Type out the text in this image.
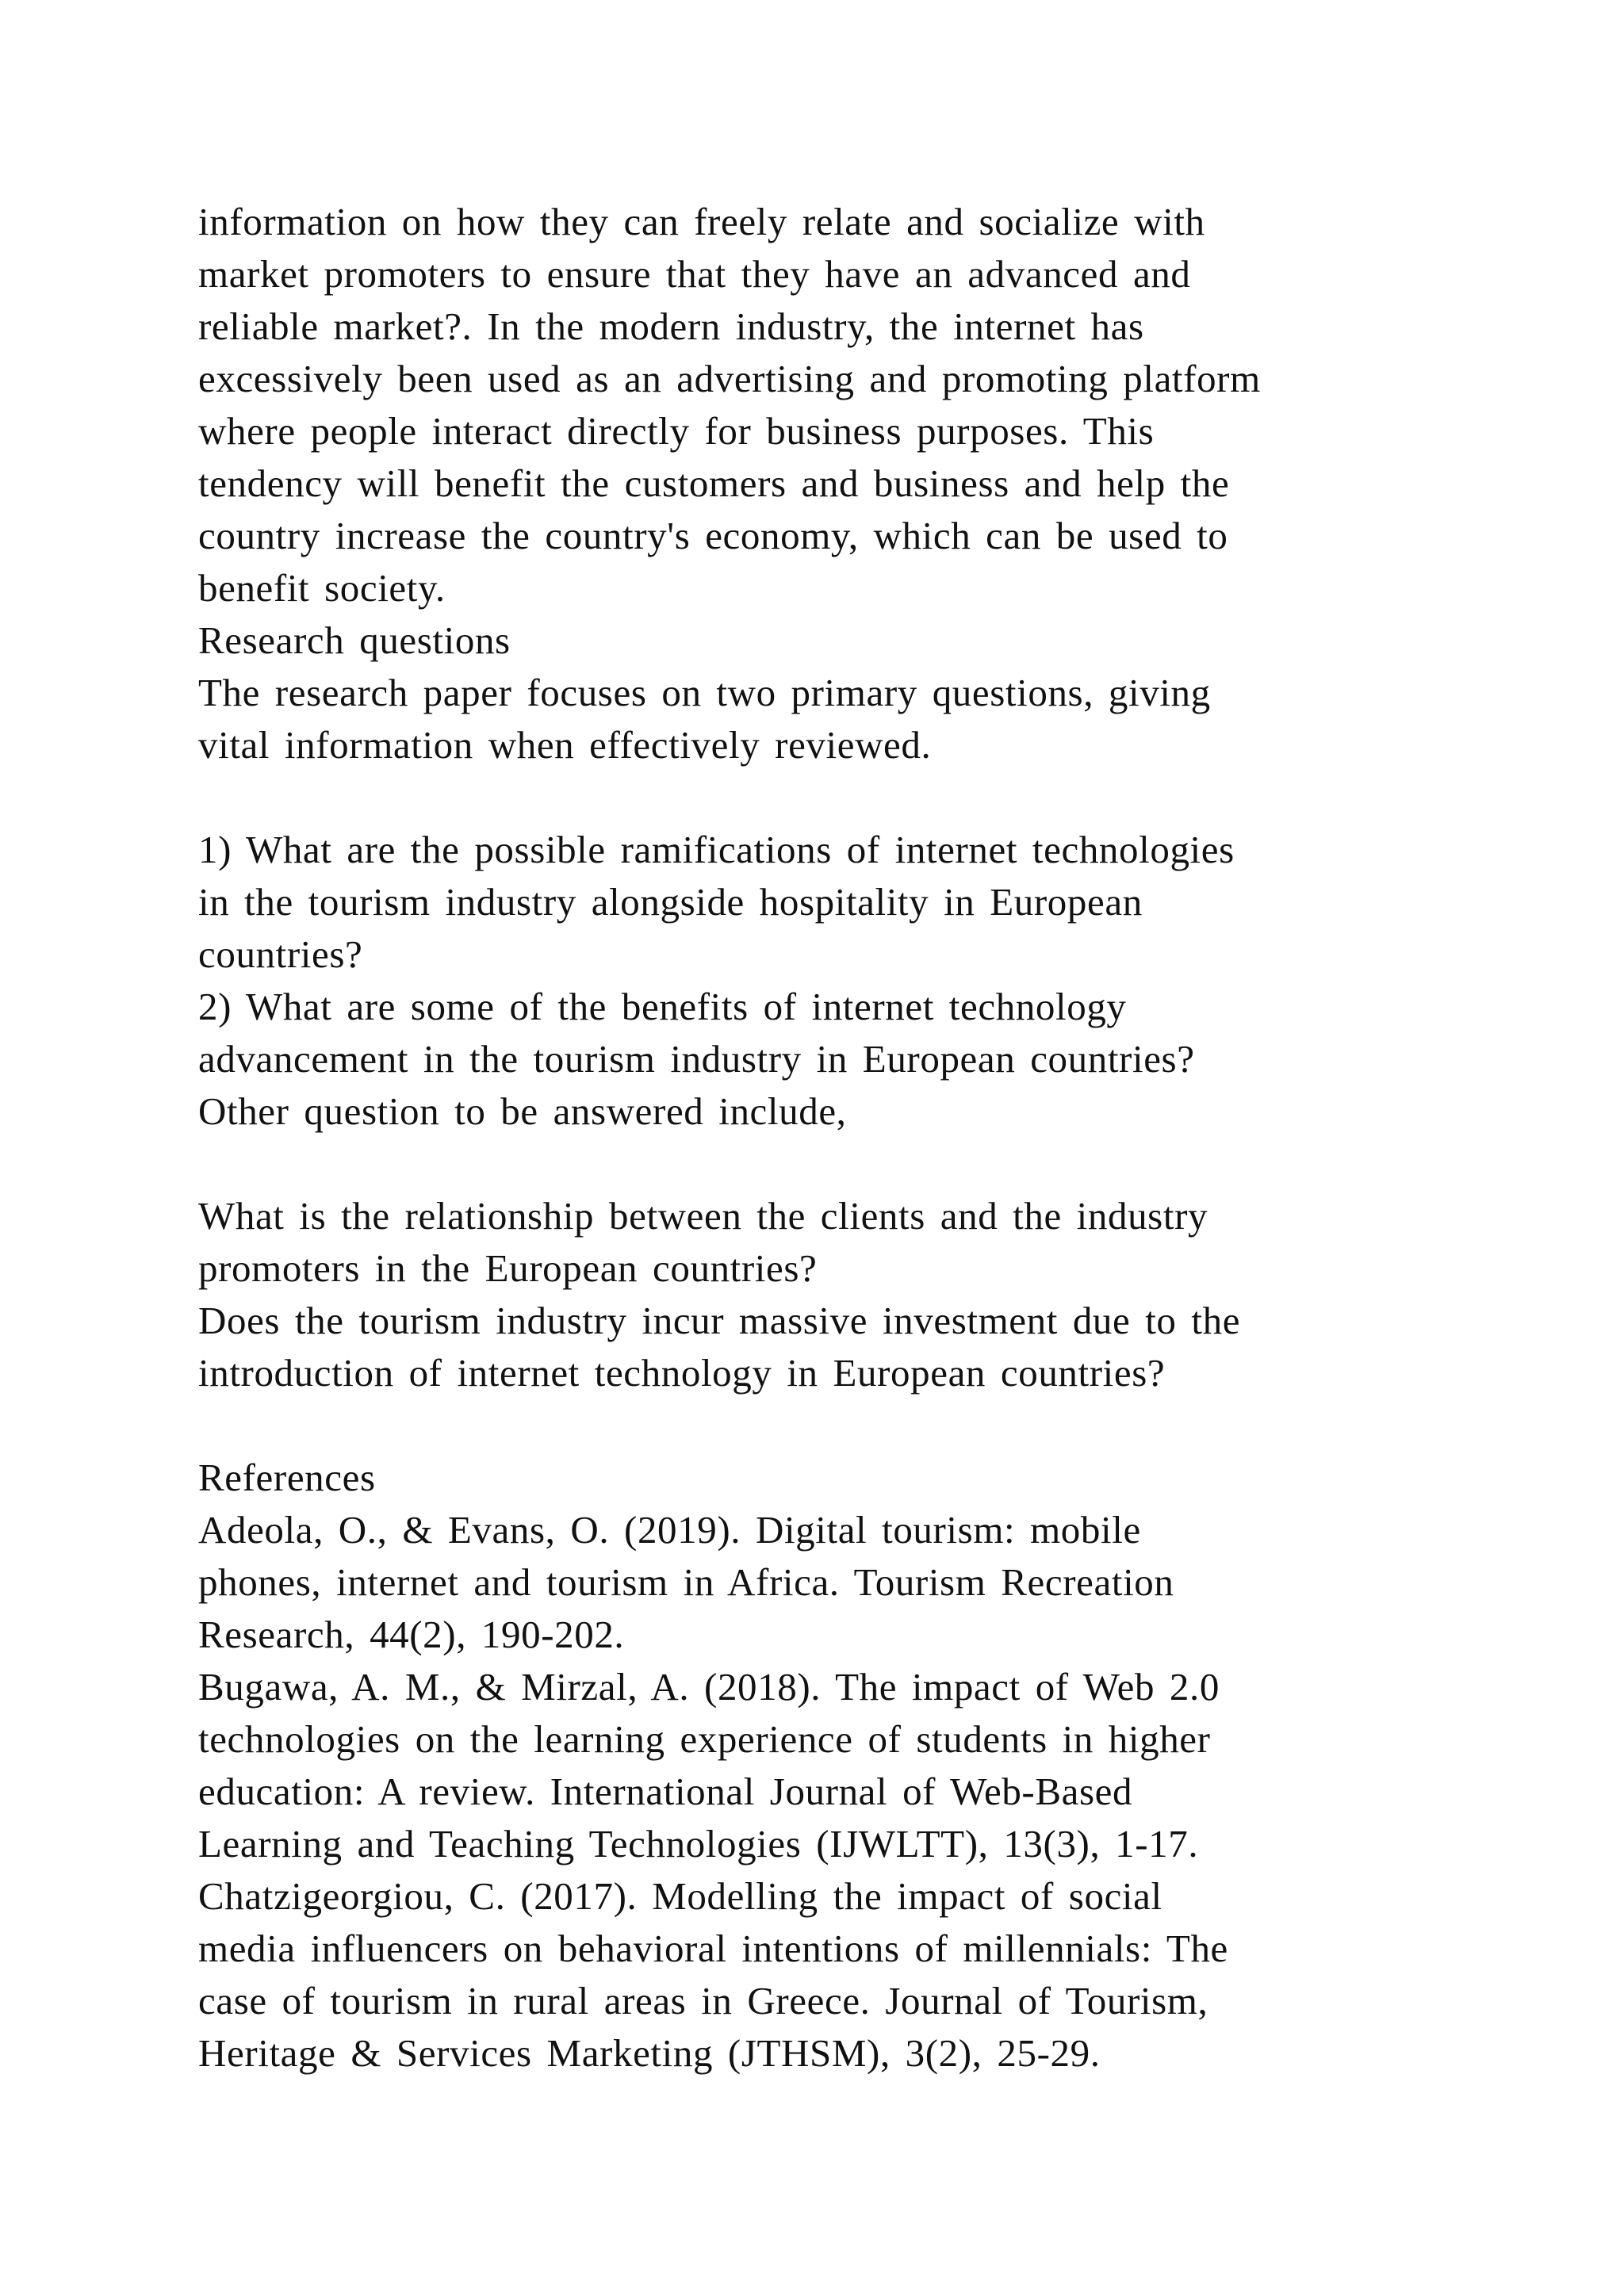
information on how they can freely relate and socialize with
market promoters to ensure that they have an advanced and
reliable market?. In the modern industry, the internet has
excessively been used as an advertising and promoting platform
where people interact directly for business purposes. This
tendency will benefit the customers and business and help the
country increase the country's economy, which can be used to
benefit society.
Research questions
The research paper focuses on two primary questions, giving
vital information when effectively reviewed.
1) What are the possible ramifications of internet technologies
in the tourism industry alongside hospitality in European
countries?
2) What are some of the benefits of internet technology
advancement in the tourism industry in European countries?
Other question to be answered include,
What is the relationship between the clients and the industry
promoters in the European countries?
Does the tourism industry incur massive investment due to the
introduction of internet technology in European countries?
References
Adeola, O., & Evans, O. (2019). Digital tourism: mobile
phones, internet and tourism in Africa. Tourism Recreation
Research, 44(2), 190-202.
Bugawa, A. M., & Mirzal, A. (2018). The impact of Web 2.0
technologies on the learning experience of students in higher
education: A review. International Journal of Web-Based
Learning and Teaching Technologies (IJWLTT), 13(3), 1-17.
Chatzigeorgiou, C. (2017). Modelling the impact of social
media influencers on behavioral intentions of millennials: The
case of tourism in rural areas in Greece. Journal of Tourism,
Heritage & Services Marketing (JTHSM), 3(2), 25-29.
